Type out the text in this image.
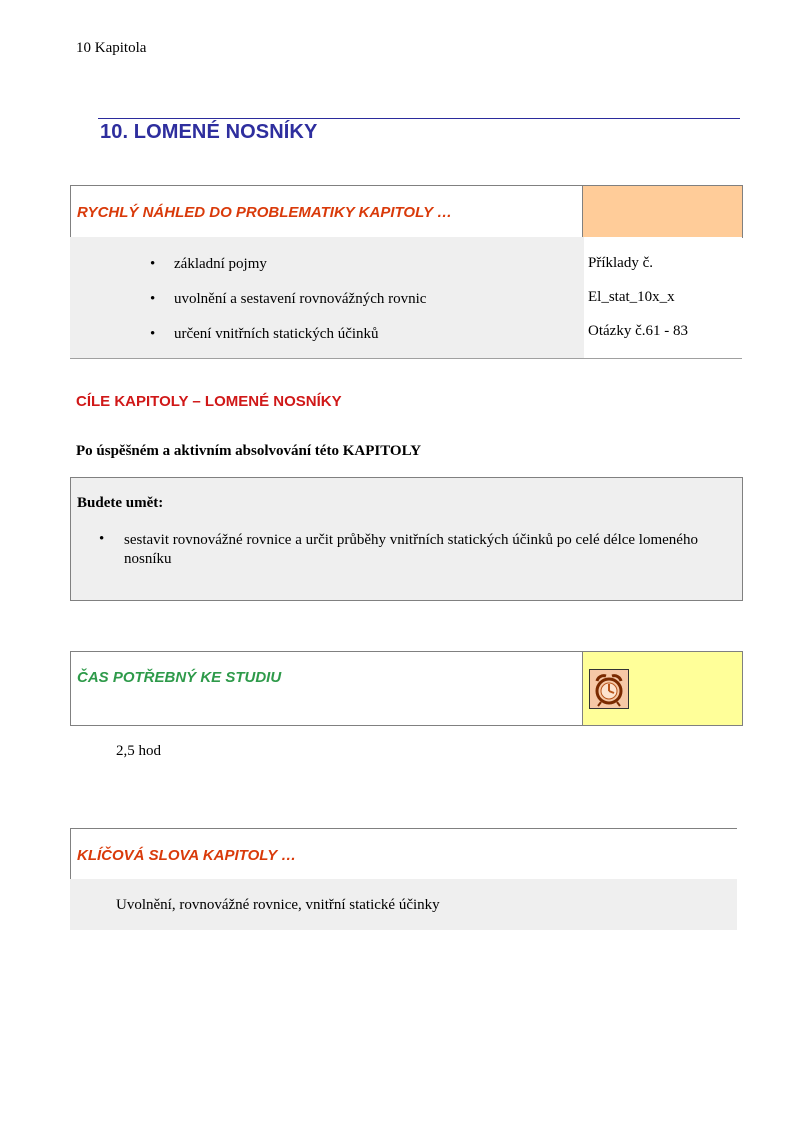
10 Kapitola
10. LOMENÉ NOSNÍKY
RYCHLÝ NÁHLED DO PROBLEMATIKY KAPITOLY …
• základní pojmy
• uvolnění a sestavení rovnovážných rovnic
• určení vnitřních statických účinků
Příklady č.
El_stat_10x_x
Otázky č.61 - 83
CÍLE KAPITOLY – LOMENÉ NOSNÍKY
Po úspěšném a aktivním absolvování této KAPITOLY
Budete umět:
• sestavit rovnovážné rovnice a určit průběhy vnitřních statických účinků po celé délce lomeného nosníku
ČAS POTŘEBNÝ KE STUDIU
2,5 hod
KLÍČOVÁ SLOVA KAPITOLY …
Uvolnění, rovnovážné rovnice, vnitřní statické účinky
